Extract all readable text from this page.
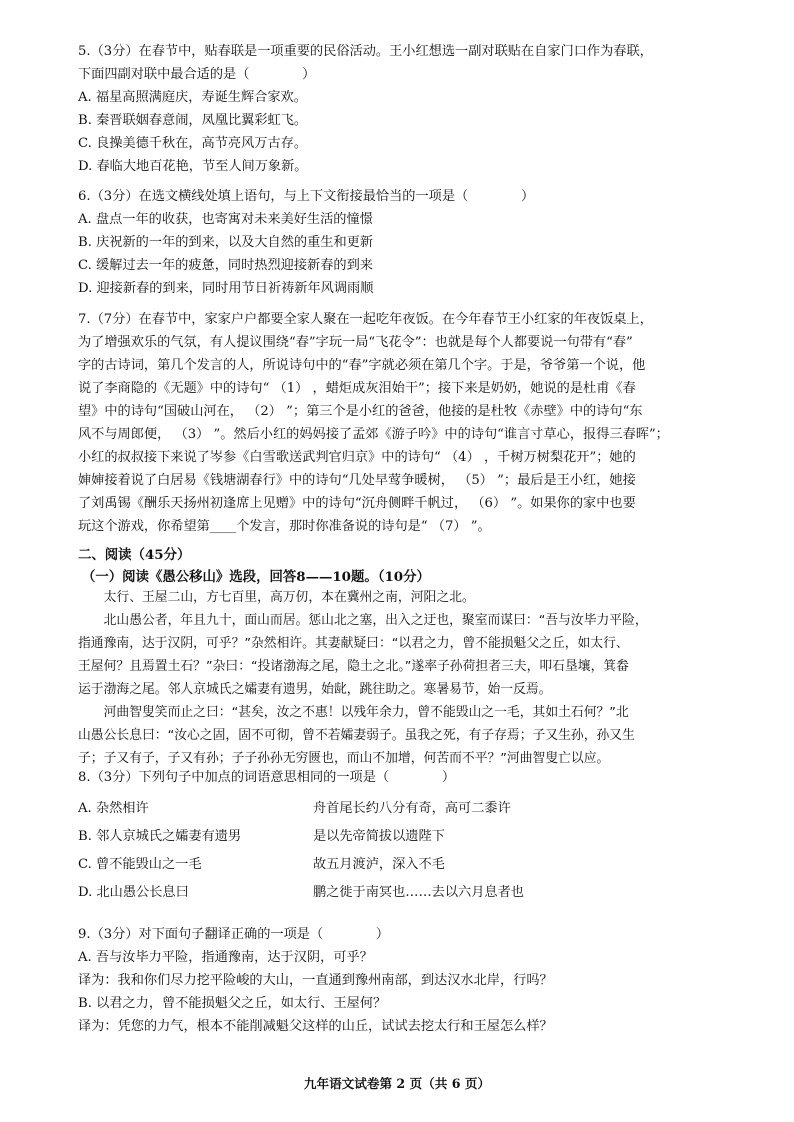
5.（3分）在春节中，贴春联是一项重要的民俗活动。王小红想选一副对联贴在自家门口作为春联，
下面四副对联中最合适的是（　　　　）
A. 福星高照满庭庆，寿诞生辉合家欢。
B. 秦晋联姻春意闹，凤凰比翼彩虹飞。
C. 良操美德千秋在，高节亮风万古存。
D. 春临大地百花艳，节至人间万象新。
6.（3分）在选文横线处填上语句，与上下文衔接最恰当的一项是（　　　　）
A. 盘点一年的收获，也寄寓对未来美好生活的憧憬
B. 庆祝新的一年的到来，以及大自然的重生和更新
C. 缓解过去一年的疲惫，同时热烈迎接新春的到来
D. 迎接新春的到来，同时用节日祈祷新年风调雨顺
7.（7分）在春节中，家家户户都要全家人聚在一起吃年夜饭。在今年春节王小红家的年夜饭桌上，
为了增强欢乐的气氛，有人提议围绕“春”字玩一局“飞花令”：也就是每个人都要说一句带有“春”
字的古诗词，第几个发言的人，所说诗句中的“春”字就必须在第几个字。于是，爷爷第一个说，他
说了李商隐的《无题》中的诗句“ （1） ，蜡炬成灰泪始干”；接下来是奶奶，她说的是杜甫《春
望》中的诗句“国破山河在， （2） ”；第三个是小红的爸爸，他接的是杜牧《赤壁》中的诗句“东
风不与周郎便， （3） ”。然后小红的妈妈接了孟郊《游子吟》中的诗句“谁言寸草心，报得三春晖”；
小红的叔叔接下来说了岑参《白雪歌送武判官归京》中的诗句“ （4） ，千树万树梨花开”；她的
婶婶接着说了白居易《钱塘湖春行》中的诗句“几处早莺争暖树， （5） ”；最后是王小红，她接
了刘禹锡《酬乐天扬州初逢席上见赠》中的诗句“沉舟侧畔千帆过， （6） ”。如果你的家中也要
玩这个游戏，你希望第____个发言，那时你准备说的诗句是“ （7） ”。
二、阅读（45分）
（一）阅读《愚公移山》选段，回答8——10题。（10分）
　　太行、王屋二山，方七百里，高万仞，本在冀州之南，河阳之北。
　　北山愚公者，年且九十，面山而居。惩山北之塞，出入之迂也，聚室而谋曰：“吾与汝毕力平险，
指通豫南，达于汉阴，可乎？”杂然相许。其妻献疑曰：“以君之力，曾不能损魁父之丘，如太行、
王屋何？且焉置土石？”杂曰：“投诸渤海之尾，隐土之北。”遂率子孙荷担者三夫，叩石垦壤，箕畚
运于渤海之尾。邻人京城氏之孀妻有遗男，始龀，跳往助之。寒暑易节，始一反焉。
　　河曲智叟笑而止之曰：“甚矣，汝之不惠！以残年余力，曾不能毁山之一毛，其如土石何？”北
山愚公长息曰：“汝心之固，固不可彻，曾不若孀妻弱子。虽我之死，有子存焉；子又生孙，孙又生
子；子又有子，子又有孙；子子孙孙无穷匮也，而山不加增，何苦而不平？”河曲智叟亡以应。
8.（3分）下列句子中加点的词语意思相同的一项是（　　　　）
A. 杂然相许	舟首尾长约八分有奇，高可二黍许
B. 邻人京城氏之孀妻有遗男	是以先帝简拔以遗陛下
C. 曾不能毁山之一毛	故五月渡泸，深入不毛
D. 北山愚公长息曰	鹏之徙于南冥也……去以六月息者也
9.（3分）对下面句子翻译正确的一项是（　　　　）
A. 吾与汝毕力平险，指通豫南，达于汉阴，可乎？
译为：我和你们尽力挖平险峻的大山，一直通到豫州南部，到达汉水北岸，行吗？
B. 以君之力，曾不能损魁父之丘，如太行、王屋何？
译为：凭您的力气，根本不能削减魁父这样的山丘，试试去挖太行和王屋怎么样？
九年语文试卷第 2 页（共 6 页）
